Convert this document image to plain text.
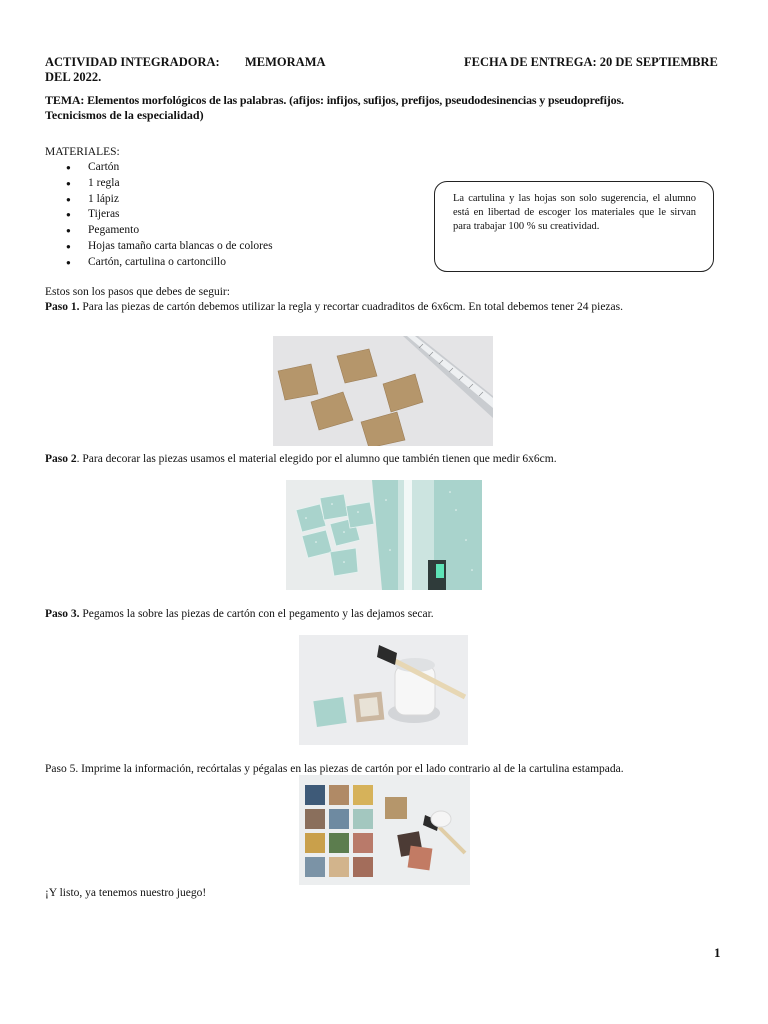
ACTIVIDAD INTEGRADORA: MEMORAMA	FECHA DE ENTREGA: 20 DE SEPTIEMBRE
DEL 2022.
TEMA: Elementos morfológicos de las palabras. (afijos: infijos, sufijos, prefijos, pseudodesinencias y pseudoprefijos.
Tecnicismos de la especialidad)
MATERIALES:
● Cartón
● 1 regla
● 1 lápiz
● Tijeras
● Pegamento
● Hojas tamaño carta blancas o de colores
● Cartón, cartulina o cartoncillo
La cartulina y las hojas son solo sugerencia, el alumno está en libertad de escoger los materiales que le sirvan para trabajar 100 % su creatividad.
Estos son los pasos que debes de seguir:
Paso 1. Para las piezas de cartón debemos utilizar la regla y recortar cuadraditos de 6x6cm. En total debemos tener 24 piezas.
Paso 2. Para decorar las piezas usamos el material elegido por el alumno que también tienen que medir 6x6cm.
Paso 3. Pegamos la sobre las piezas de cartón con el pegamento y las dejamos secar.
Paso 5. Imprime la información, recórtalas y pégalas en las piezas de cartón por el lado contrario al de la cartulina estampada.
¡Y listo, ya tenemos nuestro juego!
1
